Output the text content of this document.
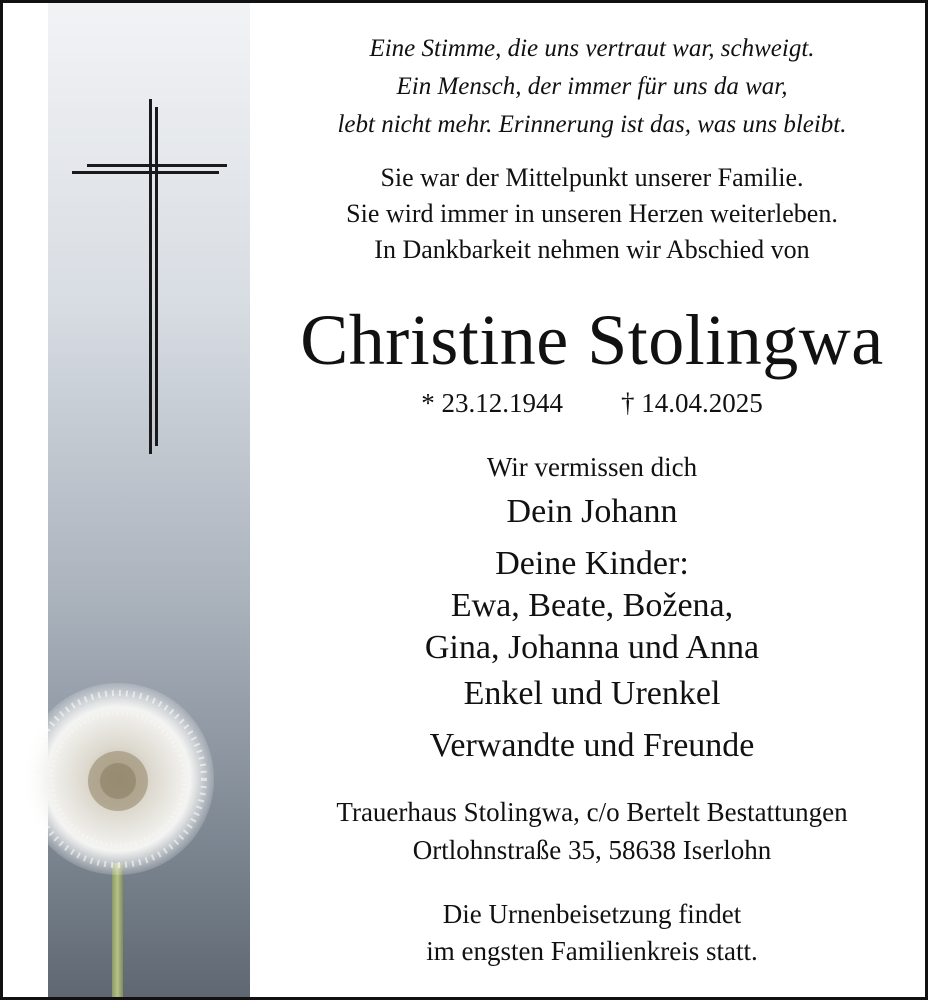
Eine Stimme, die uns vertraut war, schweigt.
Ein Mensch, der immer für uns da war,
lebt nicht mehr. Erinnerung ist das, was uns bleibt.
Sie war der Mittelpunkt unserer Familie.
Sie wird immer in unseren Herzen weiterleben.
In Dankbarkeit nehmen wir Abschied von
Christine Stolingwa
* 23.12.1944 † 14.04.2025
Wir vermissen dich
Dein Johann
Deine Kinder:
Ewa, Beate, Božena,
Gina, Johanna und Anna
Enkel und Urenkel
Verwandte und Freunde
Trauerhaus Stolingwa, c/o Bertelt Bestattungen
Ortlohnstraße 35, 58638 Iserlohn
Die Urnenbeisetzung findet
im engsten Familienkreis statt.
